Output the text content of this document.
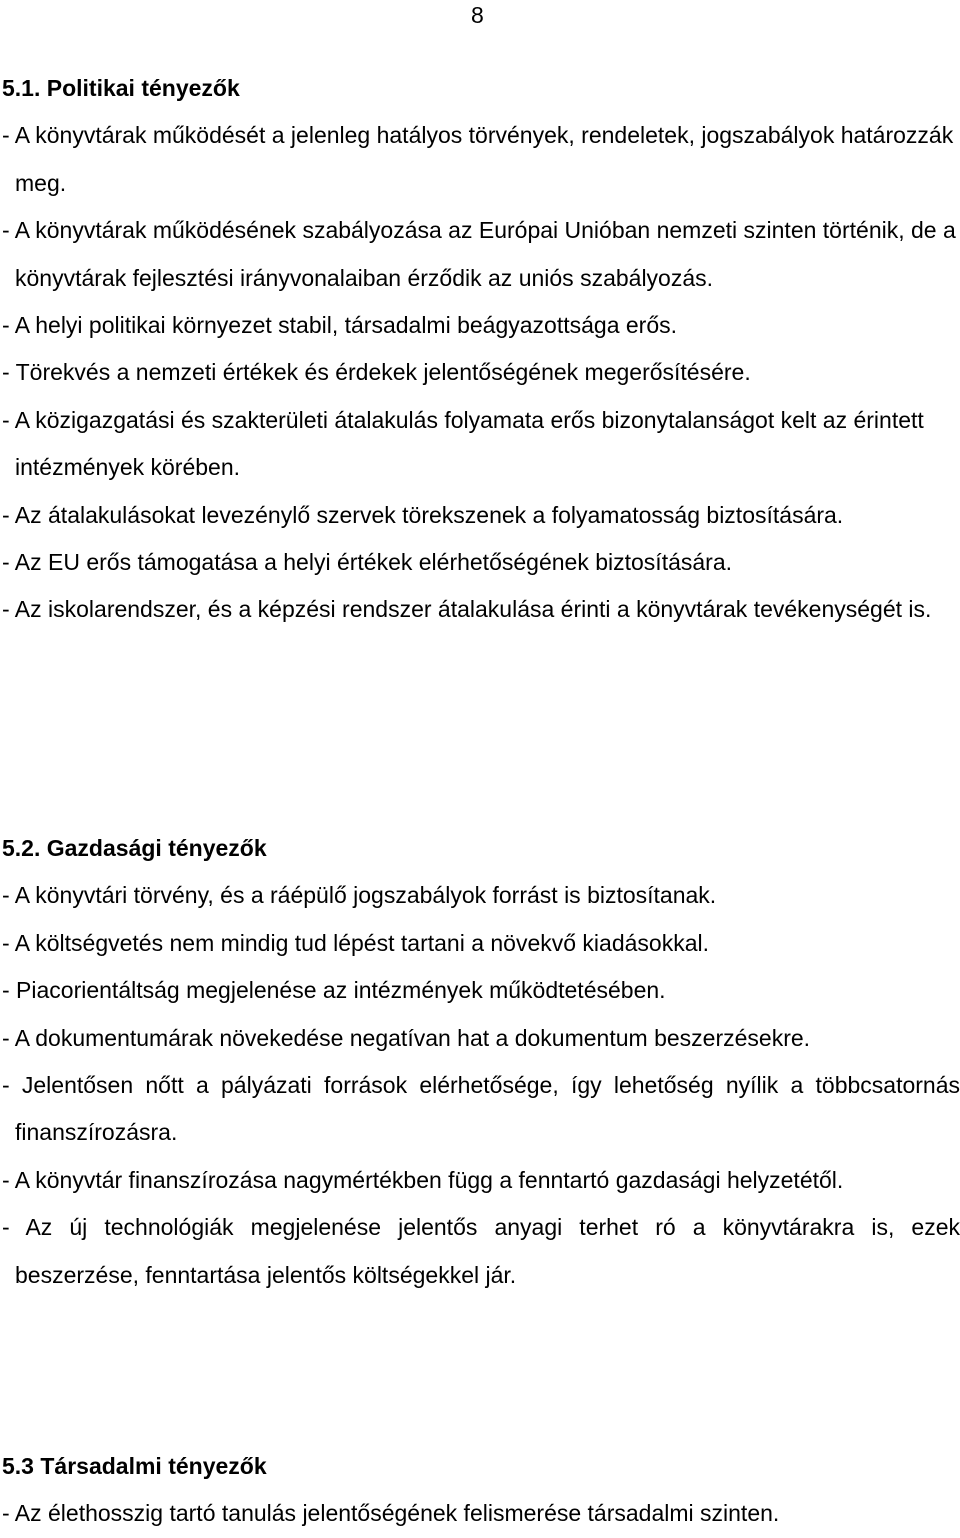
8

5.1. Politikai tényezők

- A könyvtárak működését a jelenleg hatályos törvények, rendeletek, jogszabályok határozzák meg.

- A könyvtárak működésének szabályozása az Európai Unióban nemzeti szinten történik, de a könyvtárak fejlesztési irányvonalaiban érződik az uniós szabályozás.

- A helyi politikai környezet stabil, társadalmi beágyazottsága erős.

- Törekvés a nemzeti értékek és érdekek jelentőségének megerősítésére.

- A közigazgatási és szakterületi átalakulás folyamata erős bizonytalanságot kelt az érintett intézmények körében.

- Az átalakulásokat levezénylő szervek törekszenek a folyamatosság biztosítására.

- Az EU erős támogatása a helyi értékek elérhetőségének biztosítására.

- Az iskolarendszer, és a képzési rendszer átalakulása érinti a könyvtárak tevékenységét is.

5.2. Gazdasági tényezők

- A könyvtári törvény, és a ráépülő jogszabályok forrást is biztosítanak.

- A költségvetés nem mindig tud lépést tartani a növekvő kiadásokkal.

- Piacorientáltság megjelenése az intézmények működtetésében.

- A dokumentumárak növekedése negatívan hat a dokumentum beszerzésekre.

- Jelentősen nőtt a pályázati források elérhetősége, így lehetőség nyílik a többcsatornás finanszírozásra.

- A könyvtár finanszírozása nagymértékben függ a fenntartó gazdasági helyzetétől.

- Az új technológiák megjelenése jelentős anyagi terhet ró a könyvtárakra is, ezek beszerzése, fenntartása jelentős költségekkel jár.

5.3 Társadalmi tényezők

- Az élethosszig tartó tanulás jelentőségének felismerése társadalmi szinten.
